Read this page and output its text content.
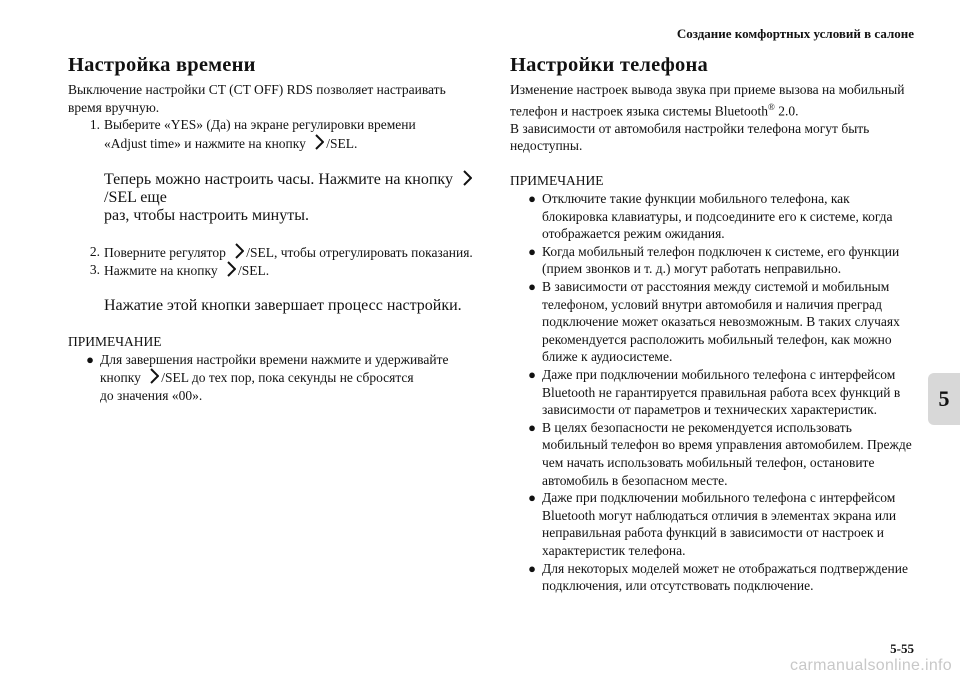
Создание комфортных условий в салоне
Настройка времени

Выключение настройки CT (CT OFF) RDS позволяет настраивать

время вручную.

1. Выберите «YES» (Да) на экране регулировки времени
«Adjust time» и нажмите на кнопку /SEL.
Теперь можно настроить часы. Нажмите на кнопку /SEL еще
раз, чтобы настроить минуты.
2. Поверните регулятор /SEL, чтобы отрегулировать показания.
3. Нажмите на кнопку /SEL.
Нажатие этой кнопки завершает процесс настройки.
ПРИМЕЧАНИЕ
● Для завершения настройки времени нажмите и удерживайте
кнопку /SEL до тех пор, пока секунды не сбросятся
до значения «00».
Настройки телефона

Изменение настроек вывода звука при приеме вызова на мобильный

телефон и настроек языка системы Bluetooth® 2.0.

В зависимости от автомобиля настройки телефона могут быть

недоступны.

ПРИМЕЧАНИЕ
● Отключите такие функции мобильного телефона, как
блокировка клавиатуры, и подсоедините его к системе, когда
отображается режим ожидания.
● Когда мобильный телефон подключен к системе, его функции
(прием звонков и т. д.) могут работать неправильно.
● В зависимости от расстояния между системой и мобильным
телефоном, условий внутри автомобиля и наличия преград
подключение может оказаться невозможным. В таких случаях
рекомендуется расположить мобильный телефон, как можно
ближе к аудиосистеме.
● Даже при подключении мобильного телефона с интерфейсом
Bluetooth не гарантируется правильная работа всех функций в
зависимости от параметров и технических характеристик.
● В целях безопасности не рекомендуется использовать
мобильный телефон во время управления автомобилем. Прежде
чем начать использовать мобильный телефон, остановите
автомобиль в безопасном месте.
● Даже при подключении мобильного телефона с интерфейсом
Bluetooth могут наблюдаться отличия в элементах экрана или
неправильная работа функций в зависимости от настроек и
характеристик телефона.
● Для некоторых моделей может не отображаться подтверждение
подключения, или отсутствовать подключение.
5
5-55
carmanualsonline.info
